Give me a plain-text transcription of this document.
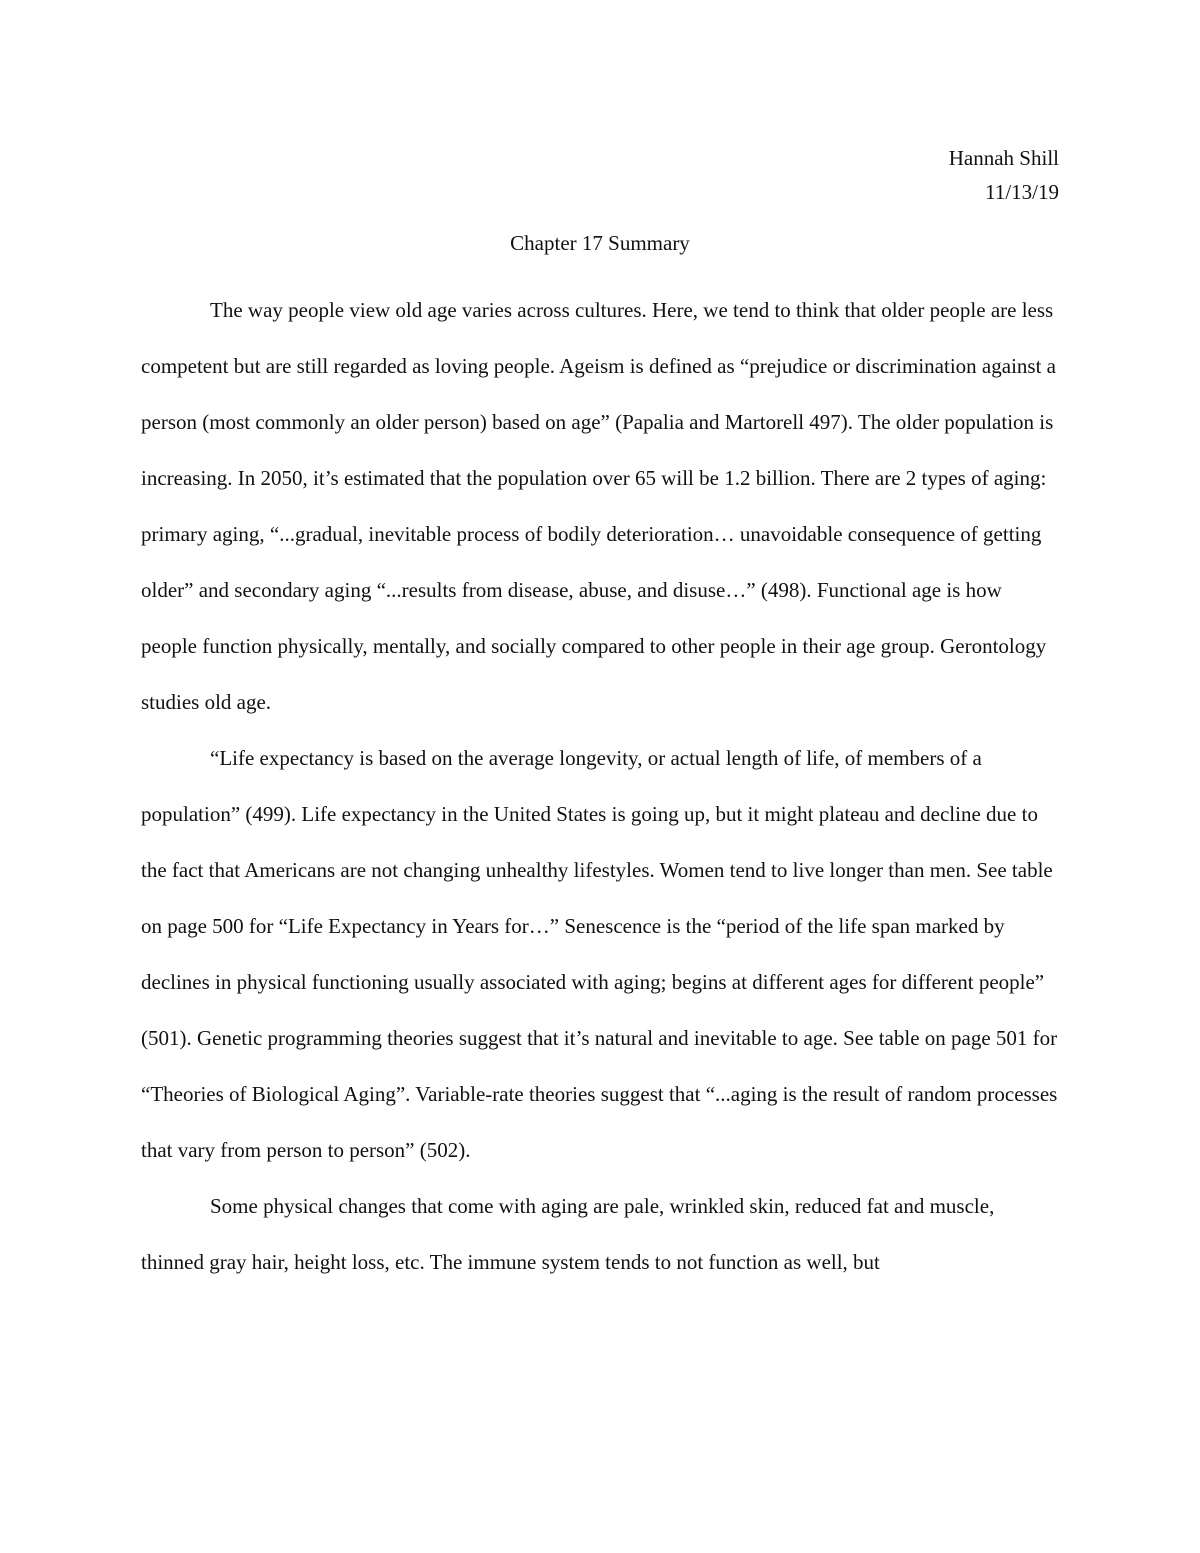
Hannah Shill
11/13/19
Chapter 17 Summary

The way people view old age varies across cultures. Here, we tend to think that older people are less competent but are still regarded as loving people. Ageism is defined as “prejudice or discrimination against a person (most commonly an older person) based on age” (Papalia and Martorell 497). The older population is increasing. In 2050, it’s estimated that the population over 65 will be 1.2 billion. There are 2 types of aging: primary aging, “...gradual, inevitable process of bodily deterioration… unavoidable consequence of getting older” and secondary aging “...results from disease, abuse, and disuse…” (498). Functional age is how people function physically, mentally, and socially compared to other people in their age group. Gerontology studies old age.

“Life expectancy is based on the average longevity, or actual length of life, of members of a population” (499). Life expectancy in the United States is going up, but it might plateau and decline due to the fact that Americans are not changing unhealthy lifestyles. Women tend to live longer than men. See table on page 500 for “Life Expectancy in Years for…” Senescence is the “period of the life span marked by declines in physical functioning usually associated with aging; begins at different ages for different people” (501). Genetic programming theories suggest that it’s natural and inevitable to age. See table on page 501 for “Theories of Biological Aging”. Variable-rate theories suggest that “...aging is the result of random processes that vary from person to person” (502).

Some physical changes that come with aging are pale, wrinkled skin, reduced fat and muscle, thinned gray hair, height loss, etc. The immune system tends to not function as well, but
